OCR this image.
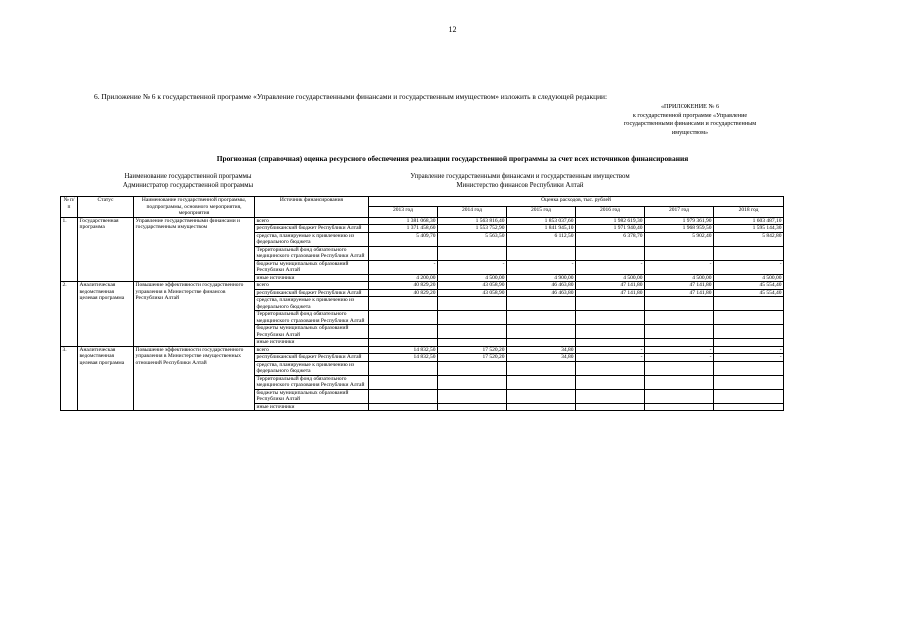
12
6. Приложение № 6 к государственной программе «Управление государственными финансами и государственным имуществом» изложить в следующей редакции:
«ПРИЛОЖЕНИЕ № 6
к государственной программе «Управление
государственными финансами и государственным
имуществом»
Прогнозная (справочная) оценка ресурсного обеспечения реализации государственной программы за счет всех источников финансирования
Наименование государственной программы
Администратор государственной программы
Управление государственными финансами и государственным имуществом
Министерство финансов Республики Алтай
№ п/п	Статус	Наименование государственной программы, подпрограммы, основного мероприятия, мероприятия	Источник финансирования	Оценка расходов, тыс. рублей					
				2013 год	2014 год	2015 год	2016 год	2017 год	2018 год
1.	Государственная программа	Управление государственными финансами и государственным имуществом	всего	1 381 068,30	1 563 816,40	1 853 037,60	1 982 619,30	1 979 361,90	1 603 487,10
			республиканский бюджет Республики Алтай	1 371 458,60	1 553 752,90	1 841 945,10	1 971 940,40	1 968 959,50	1 595 144,30
			средства, планируемые к привлечению из федерального бюджета	5 409,70	5 563,50	6 112,50	6 378,70	5 902,40	5 842,80
			Территориальный фонд обязательного медицинского страхования Республики Алтай						
			бюджеты муниципальных образований Республики Алтай	-	-	-	-	-	-
			иные источники	4 200,00	4 500,00	4 900,00	4 500,00	4 500,00	4 500,00
2.	Аналитическая ведомственная целевая программа	Повышение эффективности государственного управления в Министерстве финансов Республики Алтай	всего	40 829,20	43 058,90	46 463,80	47 141,80	47 141,80	45 554,40
			республиканский бюджет Республики Алтай	40 829,20	43 058,90	46 463,80	47 141,80	47 141,80	45 554,40
			средства, планируемые к привлечению из федерального бюджета						
			Территориальный фонд обязательного медицинского страхования Республики Алтай						
			бюджеты муниципальных образований Республики Алтай						
			иные источники						
3.	Аналитическая ведомственная целевая программа	Повышение эффективности государственного управления в Министерстве имущественных отношений Республики Алтай	всего	14 832,50	17 520,20	34,80	-	-	-
			республиканский бюджет Республики Алтай	14 832,50	17 520,20	34,80	-	-	-
			средства, планируемые к привлечению из федерального бюджета						
			Территориальный фонд обязательного медицинского страхования Республики Алтай						
			бюджеты муниципальных образований Республики Алтай						
			иные источники						
